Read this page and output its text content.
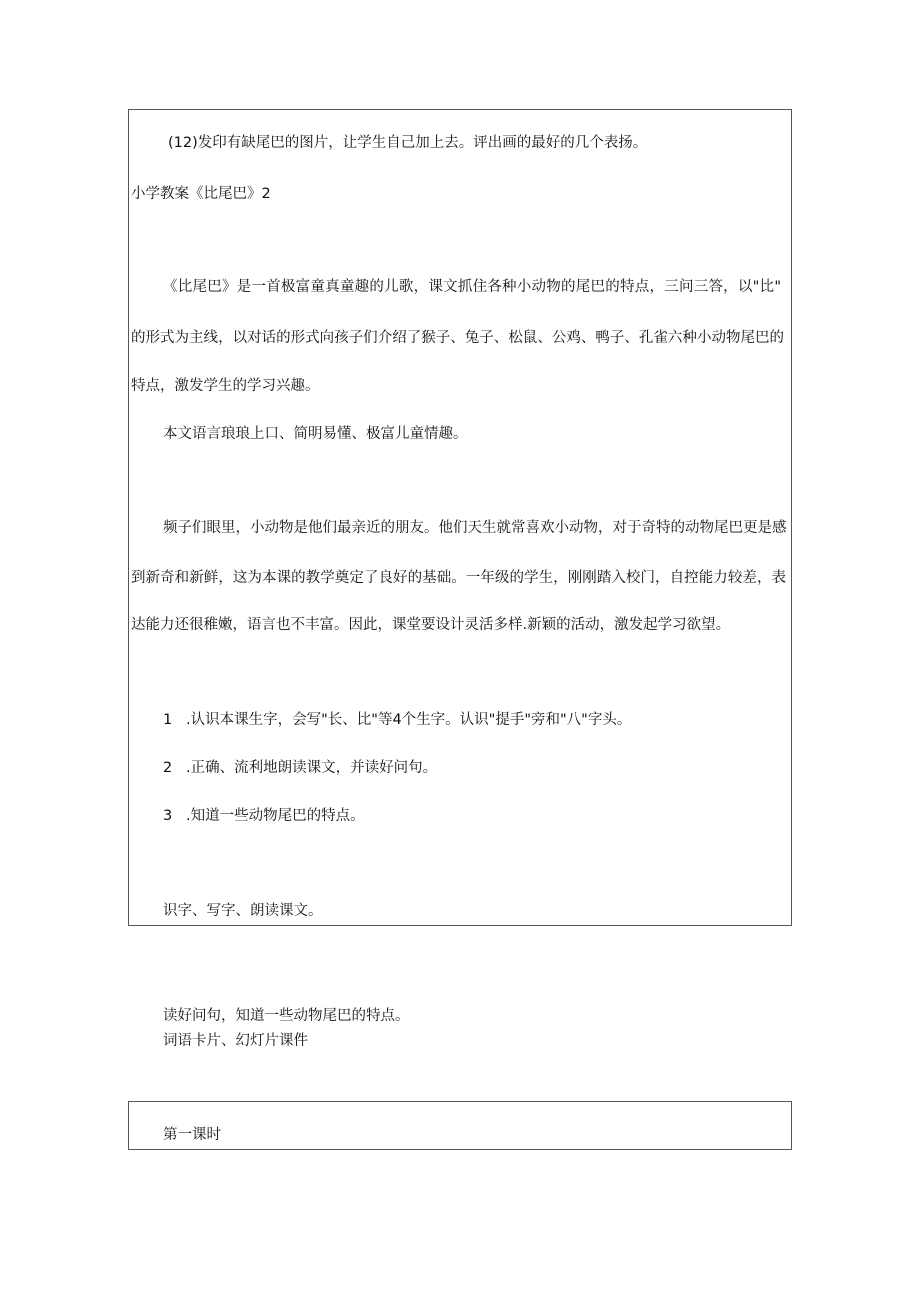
(12)发印有缺尾巴的图片，让学生自己加上去。评出画的最好的几个表扬。
小学教案《比尾巴》2
《比尾巴》是一首极富童真童趣的儿歌，课文抓住各种小动物的尾巴的特点，三问三答，以"比"
的形式为主线，以对话的形式向孩子们介绍了猴子、兔子、松鼠、公鸡、鸭子、孔雀六种小动物尾巴的
特点，激发学生的学习兴趣。
本文语言琅琅上口、简明易懂、极富儿童情趣。
频子们眼里，小动物是他们最亲近的朋友。他们天生就常喜欢小动物，对于奇特的动物尾巴更是感
到新奇和新鲜，这为本课的教学奠定了良好的基础。一年级的学生，刚刚踏入校门，自控能力较差，表
达能力还很稚嫩，语言也不丰富。因此，课堂要设计灵活多样.新颖的活动，激发起学习欲望。
1 .认识本课生字，会写"长、比"等4个生字。认识"提手"旁和"八"字头。
2 .正确、流利地朗读课文，并读好问句。
3 .知道一些动物尾巴的特点。
识字、写字、朗读课文。
读好问句，知道一些动物尾巴的特点。
词语卡片、幻灯片课件
第一课时
